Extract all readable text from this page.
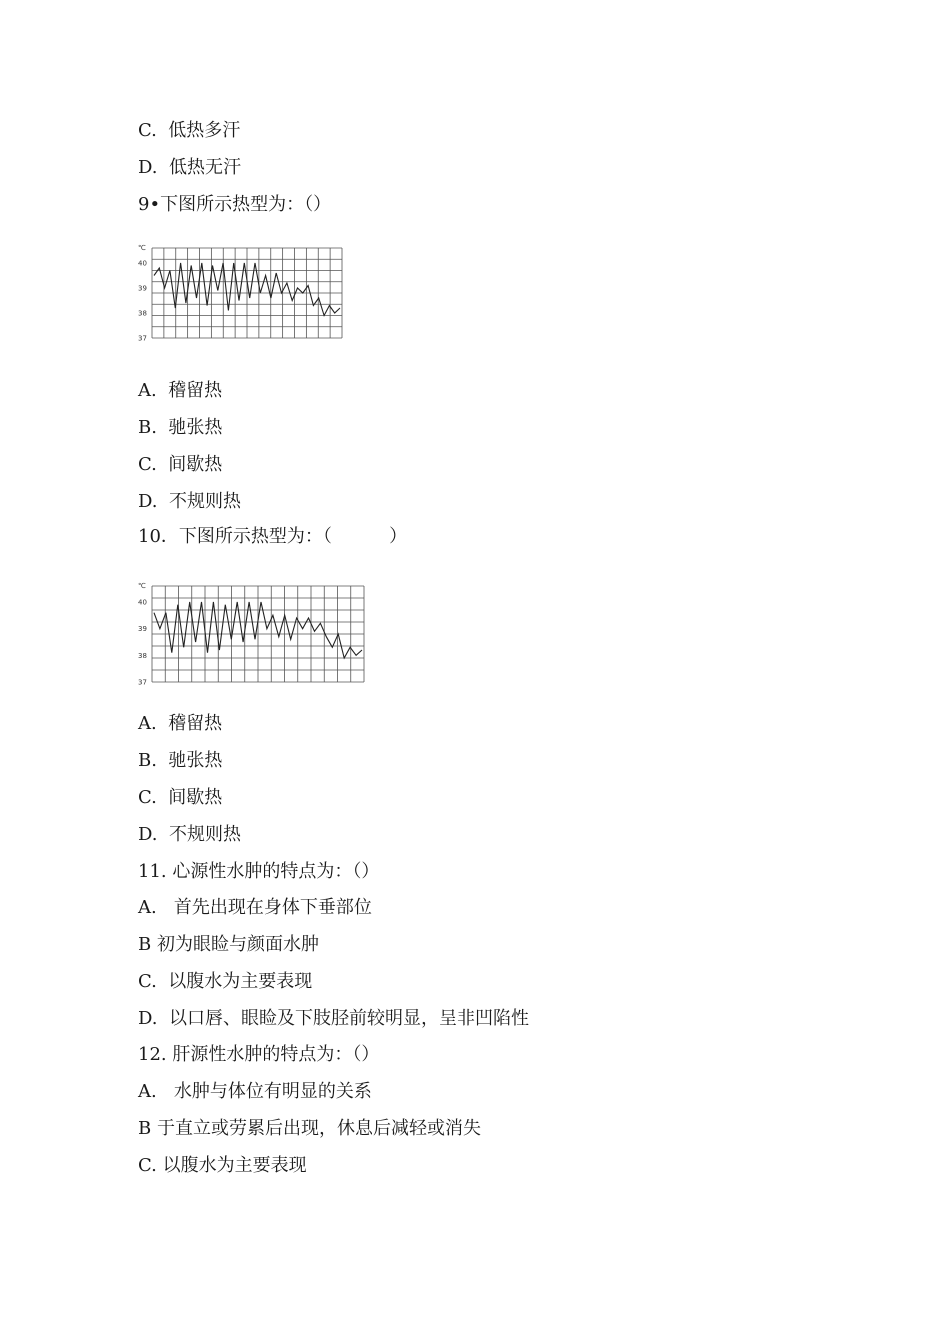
C.  低热多汗
D.  低热无汗
9•下图所示热型为：（）
℃
40
39
38
37
A.  稽留热
B.  驰张热
C.  间歇热
D.  不规则热
10．下图所示热型为：（          ）
℃
40
39
38
37
A.  稽留热
B.  驰张热
C.  间歇热
D.  不规则热
11. 心源性水肿的特点为：（）
A.   首先出现在身体下垂部位
B 初为眼睑与颜面水肿
C.  以腹水为主要表现
D.  以口唇、眼睑及下肢胫前较明显，呈非凹陷性
12. 肝源性水肿的特点为：（）
A.   水肿与体位有明显的关系
B 于直立或劳累后出现，休息后减轻或消失
C. 以腹水为主要表现
